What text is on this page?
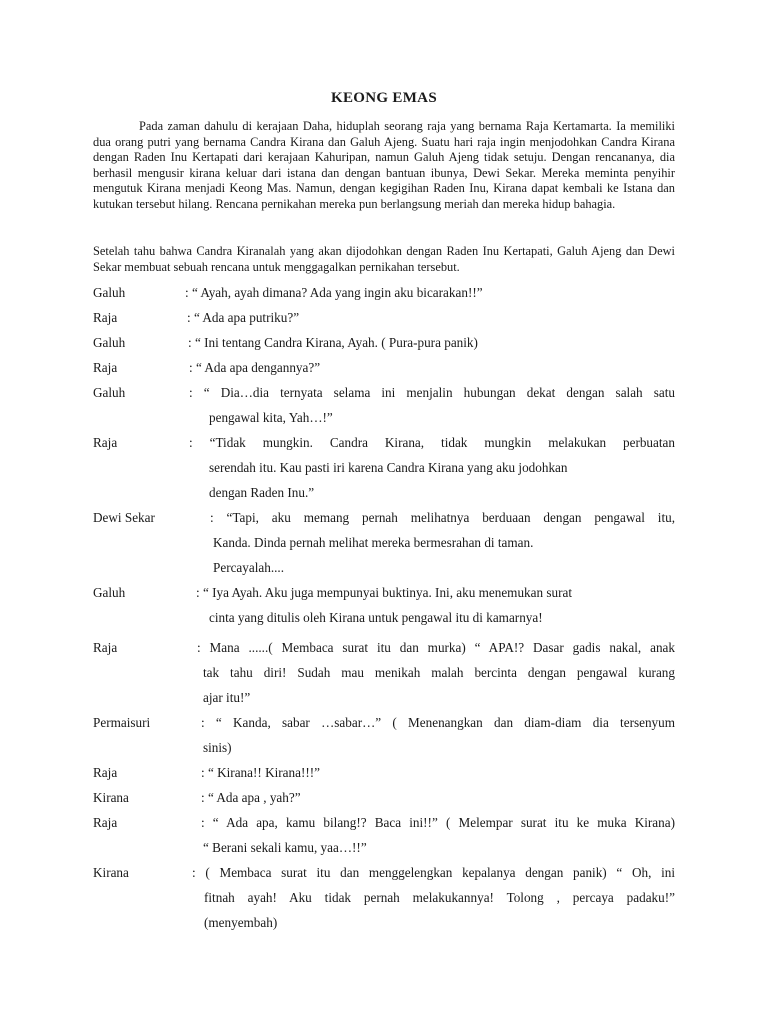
KEONG EMAS
Pada zaman dahulu di kerajaan Daha, hiduplah seorang raja yang bernama Raja Kertamarta. Ia memiliki dua orang putri yang bernama Candra Kirana dan Galuh Ajeng. Suatu hari raja ingin menjodohkan Candra Kirana dengan Raden Inu Kertapati dari kerajaan Kahuripan, namun Galuh Ajeng tidak setuju. Dengan rencananya, dia berhasil mengusir kirana keluar dari istana dan dengan bantuan ibunya, Dewi Sekar. Mereka meminta penyihir mengutuk Kirana menjadi Keong Mas. Namun, dengan kegigihan Raden Inu, Kirana dapat kembali ke Istana dan kutukan tersebut hilang. Rencana pernikahan mereka pun berlangsung meriah dan mereka hidup bahagia.
Setelah tahu bahwa Candra Kiranalah yang akan dijodohkan dengan Raden Inu Kertapati, Galuh Ajeng dan Dewi Sekar membuat sebuah rencana untuk menggagalkan pernikahan tersebut.
Galuh	: “ Ayah, ayah dimana? Ada yang ingin aku bicarakan!!”
Raja	: “ Ada apa putriku?”
Galuh	: “ Ini tentang Candra Kirana, Ayah. ( Pura-pura panik)
Raja	: “ Ada apa dengannya?”
Galuh	: “ Dia…dia ternyata selama ini menjalin hubungan dekat dengan salah satu
pengawal kita, Yah…!”
Raja	: “Tidak mungkin. Candra Kirana, tidak mungkin melakukan perbuatan
serendah itu. Kau pasti iri karena Candra Kirana yang aku jodohkan
dengan Raden Inu.”
Dewi Sekar	: “Tapi, aku memang pernah melihatnya berduaan dengan pengawal itu,
Kanda. Dinda pernah melihat mereka bermesrahan di taman.
Percayalah....
Galuh	: “ Iya Ayah. Aku juga mempunyai buktinya. Ini, aku menemukan surat
cinta yang ditulis oleh Kirana untuk pengawal itu di kamarnya!
Raja	: Mana ......( Membaca surat itu dan murka) “ APA!? Dasar gadis nakal, anak
tak tahu diri! Sudah mau menikah malah bercinta dengan pengawal kurang
ajar itu!”
Permaisuri	: “ Kanda, sabar …sabar…” ( Menenangkan dan diam-diam dia tersenyum
sinis)
Raja	: “ Kirana!! Kirana!!!”
Kirana	: “ Ada apa , yah?”
Raja	: “ Ada apa, kamu bilang!? Baca ini!!” ( Melempar surat itu ke muka Kirana)
“ Berani sekali kamu, yaa…!!”
Kirana	: ( Membaca surat itu dan menggelengkan kepalanya dengan panik) “ Oh, ini
fitnah ayah! Aku tidak pernah melakukannya! Tolong , percaya padaku!”
(menyembah)
